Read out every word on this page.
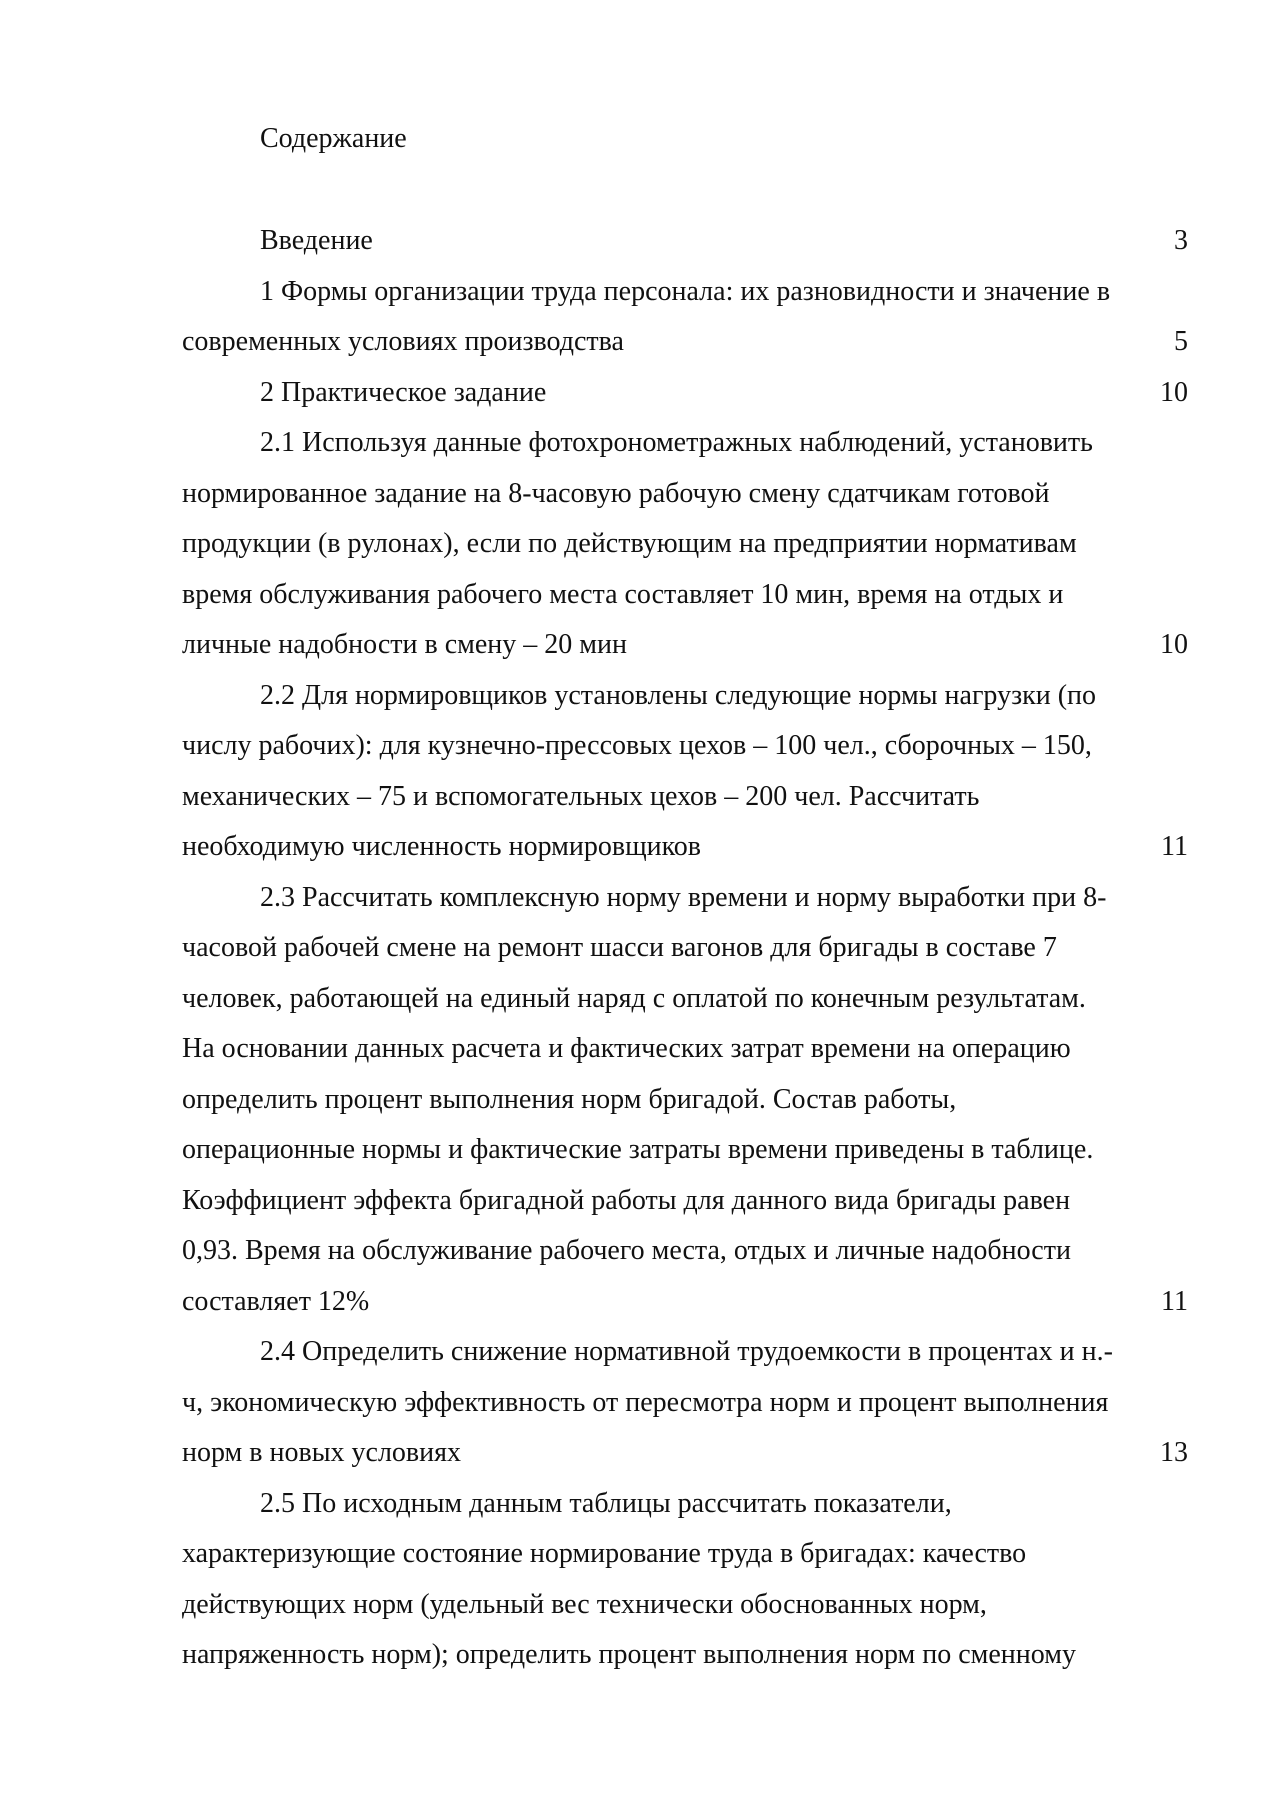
Содержание
Введение	3
1 Формы организации труда персонала: их разновидности и значение в
современных условиях производства	5
2 Практическое задание	10
2.1 Используя данные фотохронометражных наблюдений, установить
нормированное задание на 8-часовую рабочую смену сдатчикам готовой
продукции (в рулонах), если по действующим на предприятии нормативам
время обслуживания рабочего места составляет 10 мин, время на отдых и
личные надобности в смену – 20 мин	10
2.2 Для нормировщиков установлены следующие нормы нагрузки (по
числу рабочих): для кузнечно-прессовых цехов – 100 чел., сборочных – 150,
механических – 75 и вспомогательных цехов – 200 чел. Рассчитать
необходимую численность нормировщиков	11
2.3 Рассчитать комплексную норму времени и норму выработки при 8-
часовой рабочей смене на ремонт шасси вагонов для бригады в составе 7
человек, работающей на единый наряд с оплатой по конечным результатам.
На основании данных расчета и фактических затрат времени на операцию
определить процент выполнения норм бригадой. Состав работы,
операционные нормы и фактические затраты времени приведены в таблице.
Коэффициент эффекта бригадной работы для данного вида бригады равен
0,93. Время на обслуживание рабочего места, отдых и личные надобности
составляет 12%	11
2.4 Определить снижение нормативной трудоемкости в процентах и н.-
ч, экономическую эффективность от пересмотра норм и процент выполнения
норм в новых условиях	13
2.5 По исходным данным таблицы рассчитать показатели,
характеризующие состояние нормирование труда в бригадах: качество
действующих норм (удельный вес технически обоснованных норм,
напряженность норм); определить процент выполнения норм по сменному
